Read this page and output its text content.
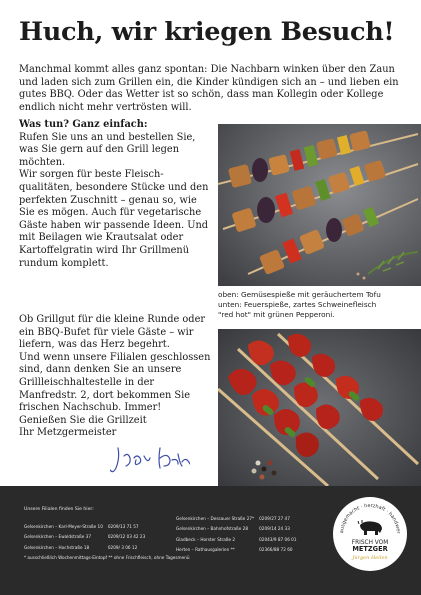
Huch, wir kriegen Besuch!

Manchmal kommt alles ganz spontan: Die Nachbarn winken über den Zaun und laden sich zum Grillen ein, die Kinder kündigen sich an – und lieben ein gutes BBQ. Oder das Wetter ist so schön, dass man Kollegin oder Kollege endlich nicht mehr vertrösten will.

Was tun? Ganz einfach:

Rufen Sie uns an und bestellen Sie, was Sie gern auf den Grill legen möchten.

Wir sorgen für beste Fleischqualitäten, besondere Stücke und den perfekten Zuschnitt – genau so, wie Sie es mögen. Auch für vegetarische Gäste haben wir passende Ideen. Und mit Beilagen wie Krautsalat oder Kartoffelgratin wird Ihr Grillmenü rundum komplett.

Ob Grillgut für die kleine Runde oder ein BBQ-Bufet für viele Gäste – wir liefern, was das Herz begehrt.

Und wenn unsere Filialen geschlossen sind, dann denken Sie an unsere Grillleischhaltestelle in der Manfredstr. 2, dort bekommen Sie frischen Nachschub. Immer!

Genießen Sie die Grillzeit

Ihr Metzgermeister

oben: Gemüsespieße mit geräuchertem Tofu
unten: Feuerspieße, zartes Schweinefleisch
"red hot" mit grünen Pepperoni.

Unsere Filialen finden Sie hier:

Gelsenkirchen – Karl-Meyer-Straße 10	0209/13 71 57
Gelsenkirchen – Ewaldstraße 37	0209/12 03 42 23
Gelsenkirchen – Hochstraße 18	0209/ 3 06 12
Gelsenkirchen – Dessauer Straße 27*	0209/27 27 47
Gelsenkirchen – Bahnhofstraße 28	0209/14 24 33
Gladbeck – Horster Straße 2	02043/9 87 06 01
Herten – Rathausgalerien **	02366/88 72 60

* ausschließlich Wochenmittags-Eintopf ** ohne Frischfleisch, ohne Tagesmenü

ausgemacht · herzhaft · handwer
FRISCH VOM
METZGER
Jürgen Heilen
